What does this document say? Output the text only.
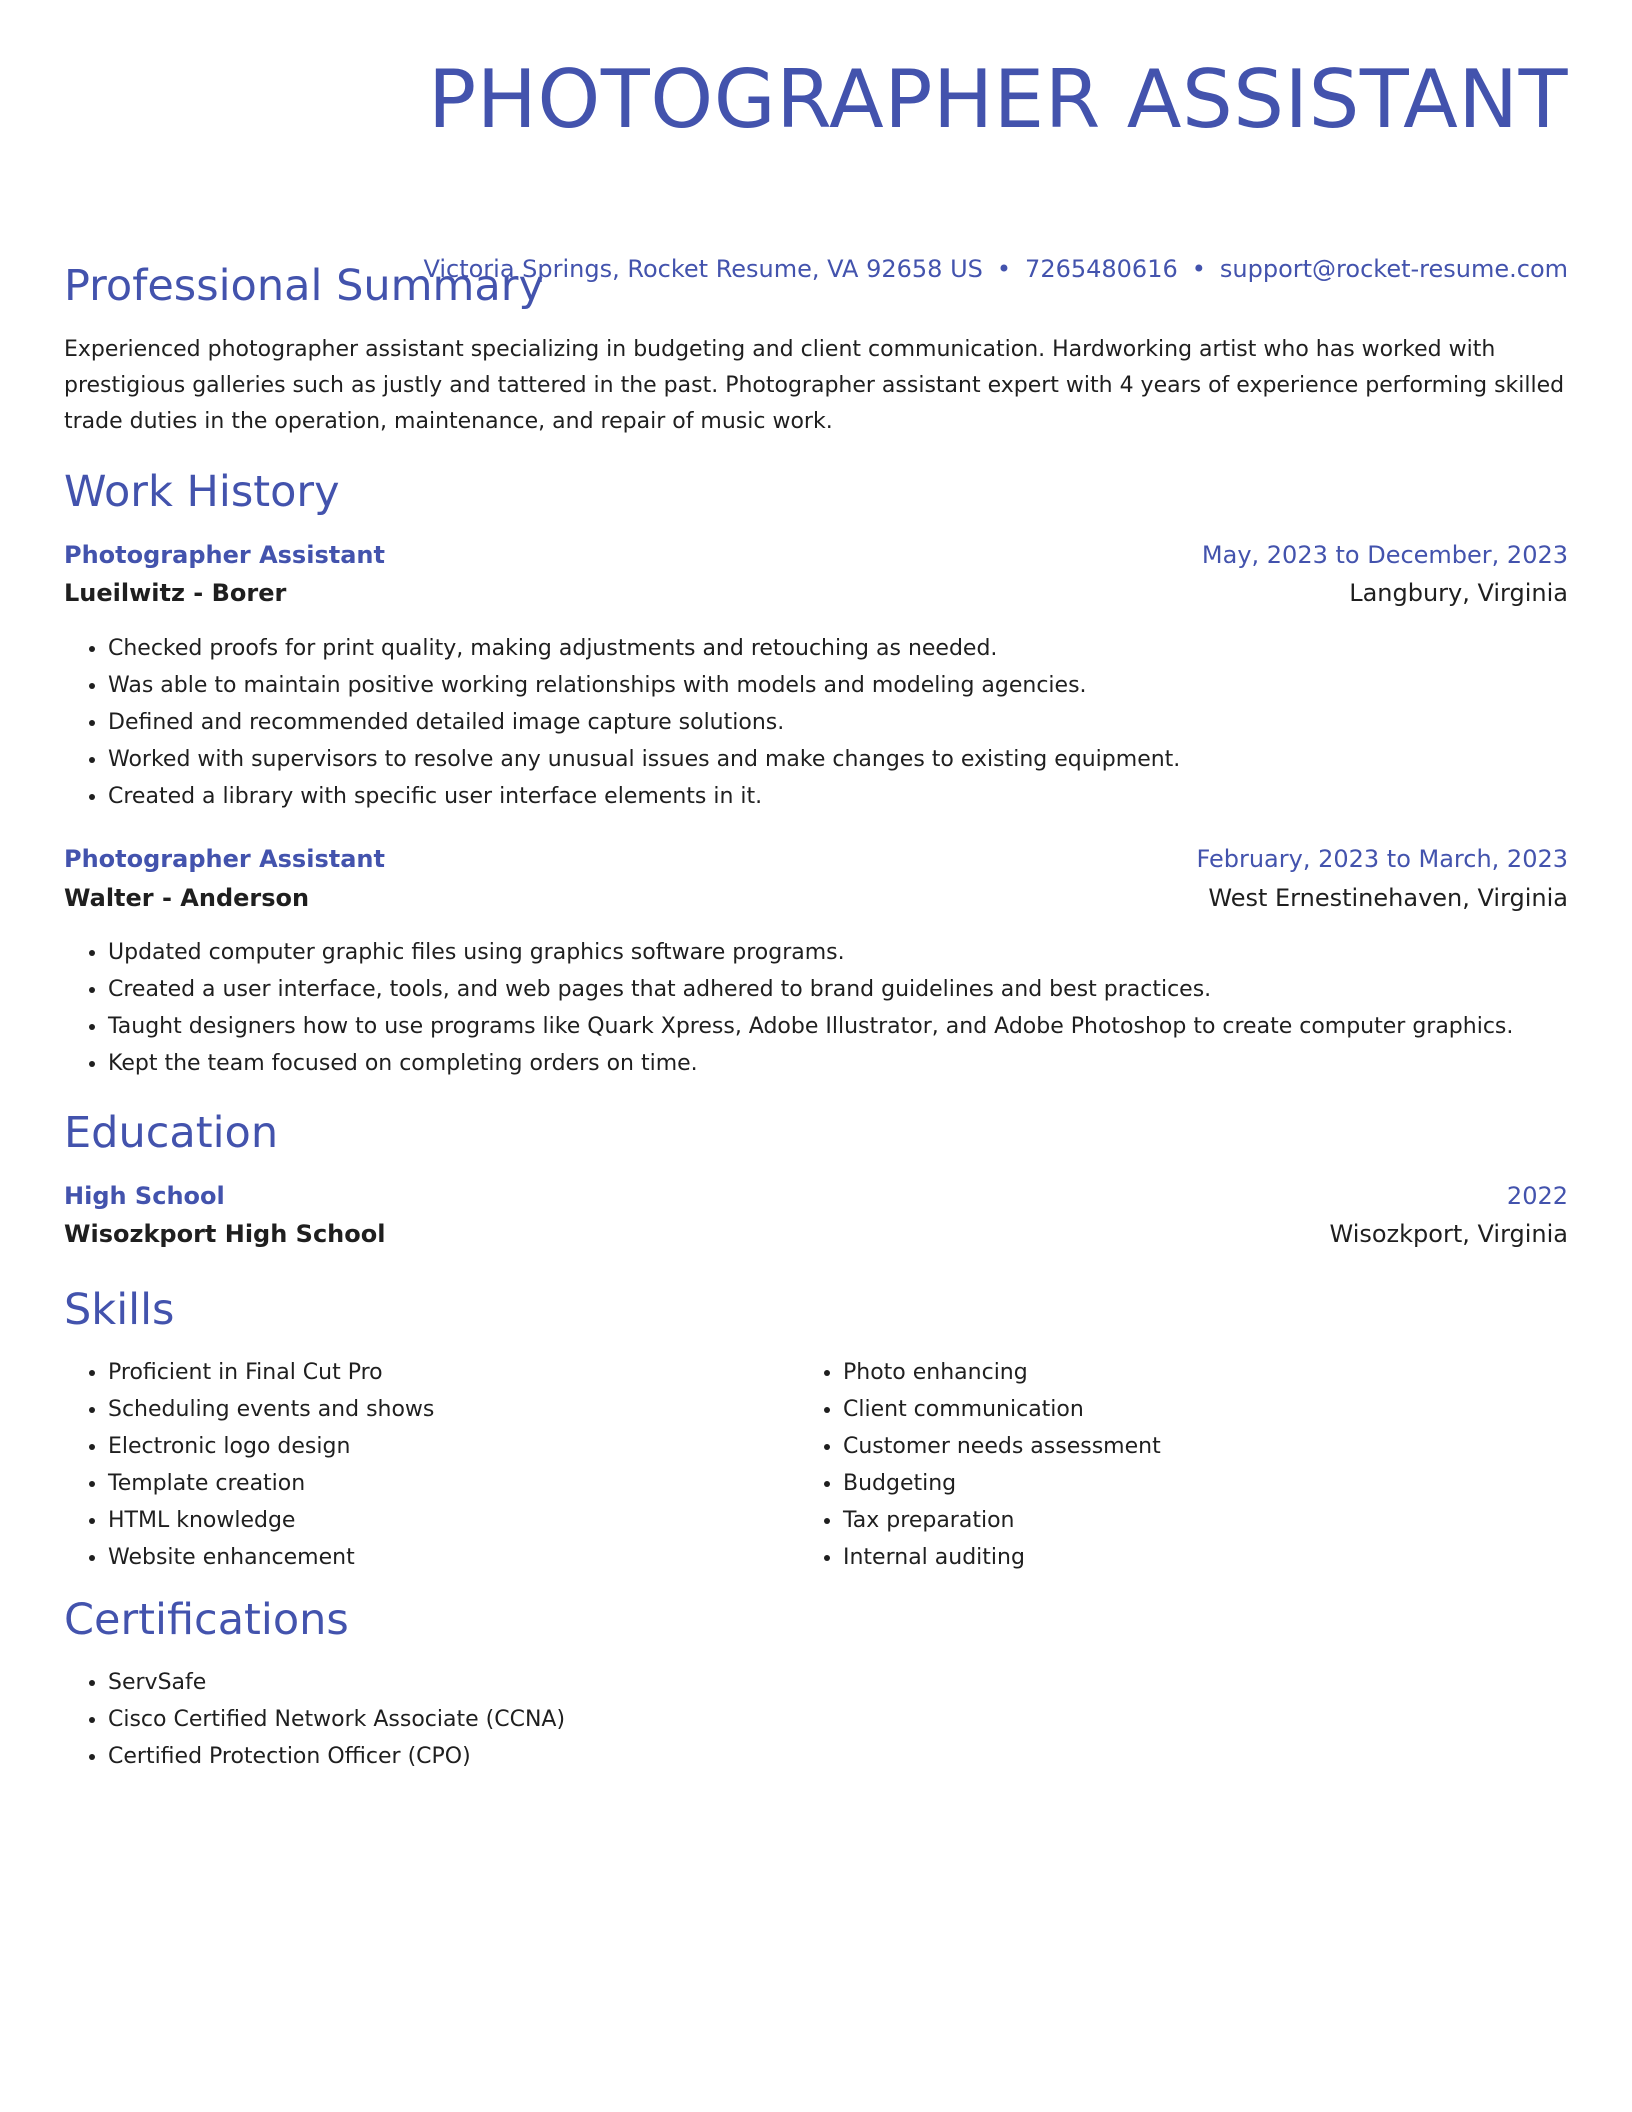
PHOTOGRAPHER ASSISTANT
Victoria Springs, Rocket Resume, VA 92658 US • 7265480616 • support@rocket-resume.com
Professional Summary

Experienced photographer assistant specializing in budgeting and client communication. Hardworking artist who has worked with prestigious galleries such as justly and tattered in the past. Photographer assistant expert with 4 years of experience performing skilled trade duties in the operation, maintenance, and repair of music work.

Work History
Photographer Assistant	May, 2023 to December, 2023
Lueilwitz - Borer	Langbury, Virginia
• Checked proofs for print quality, making adjustments and retouching as needed.
• Was able to maintain positive working relationships with models and modeling agencies.
• Defined and recommended detailed image capture solutions.
• Worked with supervisors to resolve any unusual issues and make changes to existing equipment.
• Created a library with specific user interface elements in it.
Photographer Assistant	February, 2023 to March, 2023
Walter - Anderson	West Ernestinehaven, Virginia
• Updated computer graphic files using graphics software programs.
• Created a user interface, tools, and web pages that adhered to brand guidelines and best practices.
• Taught designers how to use programs like Quark Xpress, Adobe Illustrator, and Adobe Photoshop to create computer graphics.
• Kept the team focused on completing orders on time.
Education
High School	2022
Wisozkport High School	Wisozkport, Virginia
Skills
• Proficient in Final Cut Pro
• Scheduling events and shows
• Electronic logo design
• Template creation
• HTML knowledge
• Website enhancement
• Photo enhancing
• Client communication
• Customer needs assessment
• Budgeting
• Tax preparation
• Internal auditing
Certifications
• ServSafe
• Cisco Certified Network Associate (CCNA)
• Certified Protection Officer (CPO)
